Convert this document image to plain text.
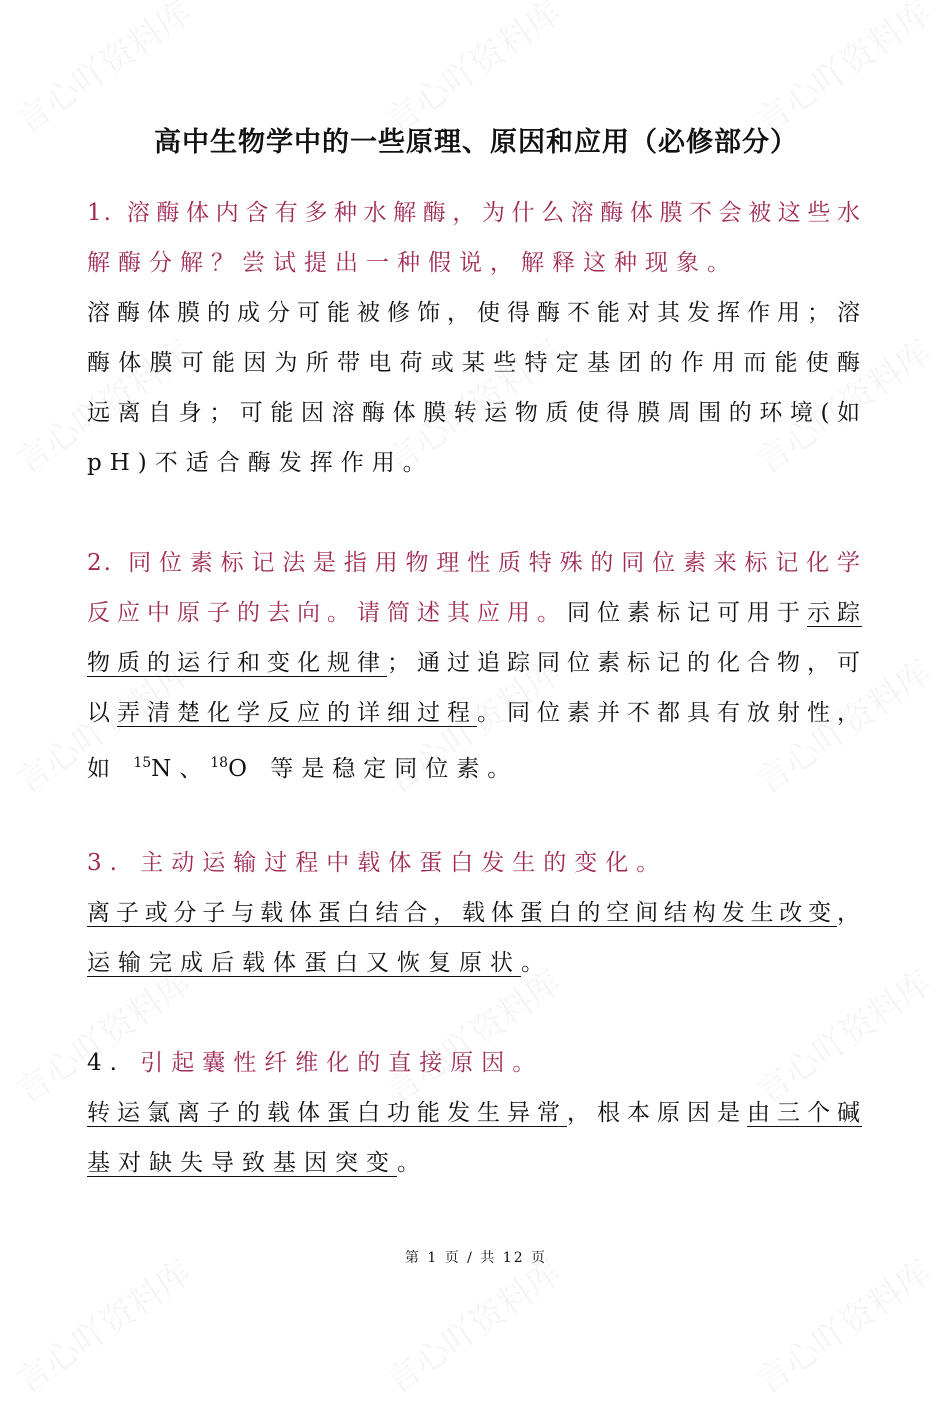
高中生物学中的一些原理、原因和应用（必修部分）
1. 溶酶体内含有多种水解酶，为什么溶酶体膜不会被这些水
解酶分解？尝试提出一种假说，解释这种现象。
溶酶体膜的成分可能被修饰，使得酶不能对其发挥作用；溶
酶体膜可能因为所带电荷或某些特定基团的作用而能使酶
远离自身；可能因溶酶体膜转运物质使得膜周围的环境(如
pH)不适合酶发挥作用。
2. 同位素标记法是指用物理性质特殊的同位素来标记化学
反应中原子的去向。请简述其应用。同位素标记可用于示踪
物质的运行和变化规律；通过追踪同位素标记的化合物，可
以弄清楚化学反应的详细过程。同位素并不都具有放射性，
如 $^{15}$N、$^{18}$O 等是稳定同位素。
3. 主动运输过程中载体蛋白发生的变化。
离子或分子与载体蛋白结合，载体蛋白的空间结构发生改变，
运输完成后载体蛋白又恢复原状。
4. 引起囊性纤维化的直接原因。
转运氯离子的载体蛋白功能发生异常，根本原因是由三个碱
基对缺失导致基因突变。
第 1 页 / 共 12 页
